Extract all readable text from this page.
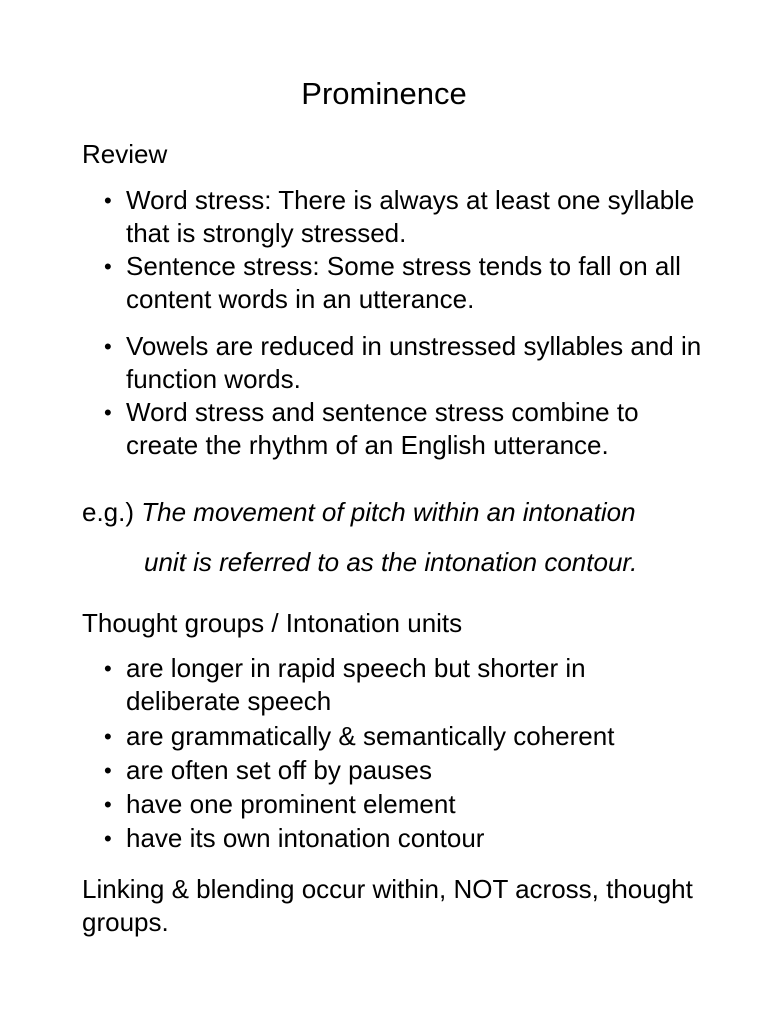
Prominence
Review
• Word stress: There is always at least one syllable that is strongly stressed.
• Sentence stress: Some stress tends to fall on all content words in an utterance.
• Vowels are reduced in unstressed syllables and in function words.
• Word stress and sentence stress combine to create the rhythm of an English utterance.
e.g.) The movement of pitch within an intonation
unit is referred to as the intonation contour.
Thought groups / Intonation units
• are longer in rapid speech but shorter in deliberate speech
• are grammatically & semantically coherent
• are often set off by pauses
• have one prominent element
• have its own intonation contour
Linking & blending occur within, NOT across, thought groups.
